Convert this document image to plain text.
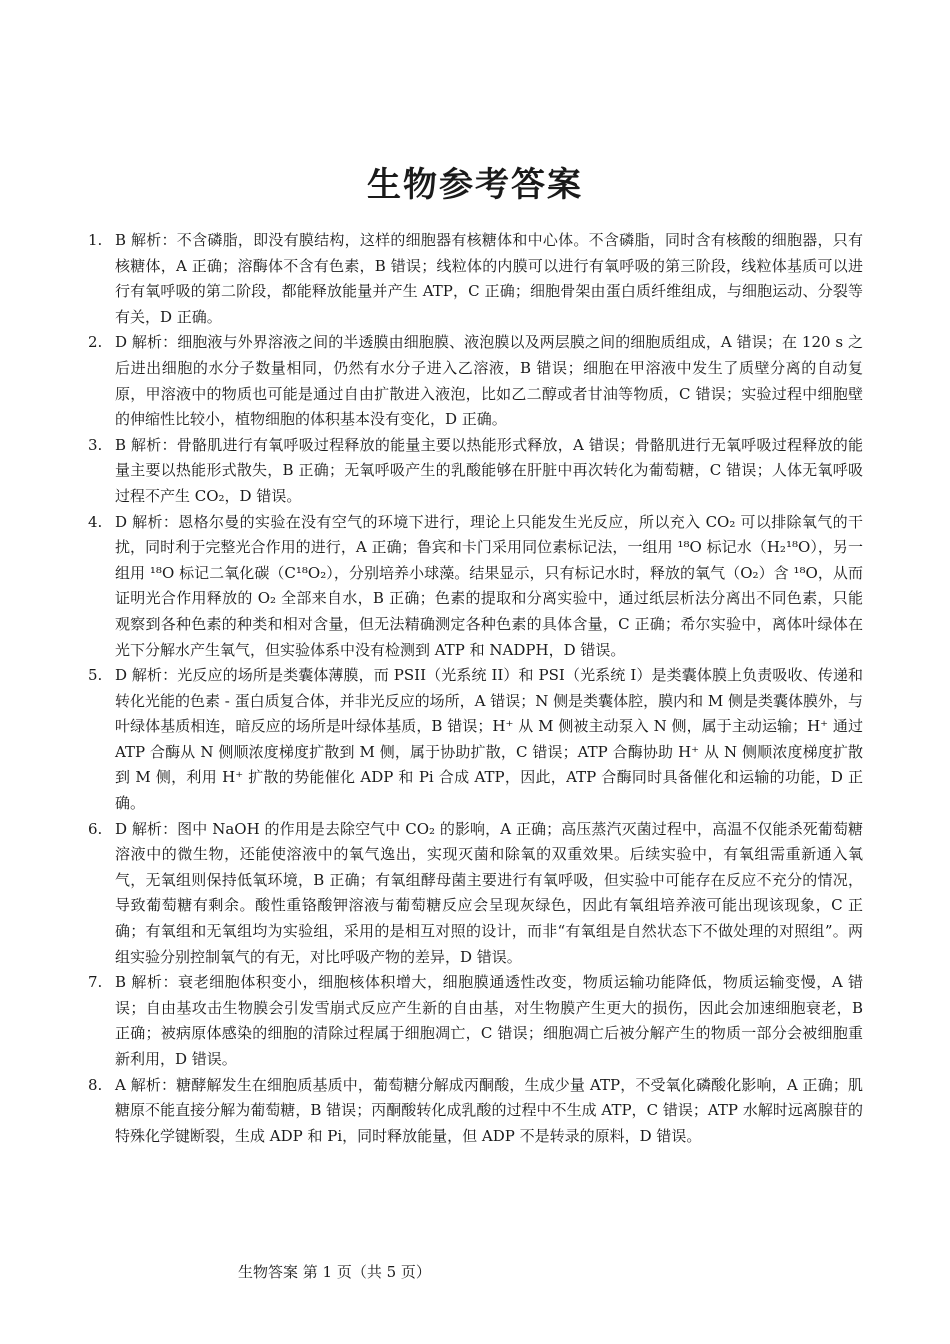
生物参考答案
1. B 解析：不含磷脂，即没有膜结构，这样的细胞器有核糖体和中心体。不含磷脂，同时含有核酸的细胞器，只有核糖体，A 正确；溶酶体不含有色素，B 错误；线粒体的内膜可以进行有氧呼吸的第三阶段，线粒体基质可以进行有氧呼吸的第二阶段，都能释放能量并产生 ATP，C 正确；细胞骨架由蛋白质纤维组成，与细胞运动、分裂等有关，D 正确。
2. D 解析：细胞液与外界溶液之间的半透膜由细胞膜、液泡膜以及两层膜之间的细胞质组成，A 错误；在 120 s 之后进出细胞的水分子数量相同，仍然有水分子进入乙溶液，B 错误；细胞在甲溶液中发生了质壁分离的自动复原，甲溶液中的物质也可能是通过自由扩散进入液泡，比如乙二醇或者甘油等物质，C 错误；实验过程中细胞壁的伸缩性比较小，植物细胞的体积基本没有变化，D 正确。
3. B 解析：骨骼肌进行有氧呼吸过程释放的能量主要以热能形式释放，A 错误；骨骼肌进行无氧呼吸过程释放的能量主要以热能形式散失，B 正确；无氧呼吸产生的乳酸能够在肝脏中再次转化为葡萄糖，C 错误；人体无氧呼吸过程不产生 CO₂，D 错误。
4. D 解析：恩格尔曼的实验在没有空气的环境下进行，理论上只能发生光反应，所以充入 CO₂ 可以排除氧气的干扰，同时利于完整光合作用的进行，A 正确；鲁宾和卡门采用同位素标记法，一组用 ¹⁸O 标记水（H₂¹⁸O），另一组用 ¹⁸O 标记二氧化碳（C¹⁸O₂），分别培养小球藻。结果显示，只有标记水时，释放的氧气（O₂）含 ¹⁸O，从而证明光合作用释放的 O₂ 全部来自水，B 正确；色素的提取和分离实验中，通过纸层析法分离出不同色素，只能观察到各种色素的种类和相对含量，但无法精确测定各种色素的具体含量，C 正确；希尔实验中，离体叶绿体在光下分解水产生氧气，但实验体系中没有检测到 ATP 和 NADPH，D 错误。
5. D 解析：光反应的场所是类囊体薄膜，而 PSII（光系统 II）和 PSI（光系统 I）是类囊体膜上负责吸收、传递和转化光能的色素 - 蛋白质复合体，并非光反应的场所，A 错误；N 侧是类囊体腔，膜内和 M 侧是类囊体膜外，与叶绿体基质相连，暗反应的场所是叶绿体基质，B 错误；H⁺ 从 M 侧被主动泵入 N 侧，属于主动运输；H⁺ 通过 ATP 合酶从 N 侧顺浓度梯度扩散到 M 侧，属于协助扩散，C 错误；ATP 合酶协助 H⁺ 从 N 侧顺浓度梯度扩散到 M 侧，利用 H⁺ 扩散的势能催化 ADP 和 Pi 合成 ATP，因此，ATP 合酶同时具备催化和运输的功能，D 正确。
6. D 解析：图中 NaOH 的作用是去除空气中 CO₂ 的影响，A 正确；高压蒸汽灭菌过程中，高温不仅能杀死葡萄糖溶液中的微生物，还能使溶液中的氧气逸出，实现灭菌和除氧的双重效果。后续实验中，有氧组需重新通入氧气，无氧组则保持低氧环境，B 正确；有氧组酵母菌主要进行有氧呼吸，但实验中可能存在反应不充分的情况，导致葡萄糖有剩余。酸性重铬酸钾溶液与葡萄糖反应会呈现灰绿色，因此有氧组培养液可能出现该现象，C 正确；有氧组和无氧组均为实验组，采用的是相互对照的设计，而非“有氧组是自然状态下不做处理的对照组”。两组实验分别控制氧气的有无，对比呼吸产物的差异，D 错误。
7. B 解析：衰老细胞体积变小，细胞核体积增大，细胞膜通透性改变，物质运输功能降低，物质运输变慢，A 错误；自由基攻击生物膜会引发雪崩式反应产生新的自由基，对生物膜产生更大的损伤，因此会加速细胞衰老，B 正确；被病原体感染的细胞的清除过程属于细胞凋亡，C 错误；细胞凋亡后被分解产生的物质一部分会被细胞重新利用，D 错误。
8. A 解析：糖酵解发生在细胞质基质中，葡萄糖分解成丙酮酸，生成少量 ATP，不受氧化磷酸化影响，A 正确；肌糖原不能直接分解为葡萄糖，B 错误；丙酮酸转化成乳酸的过程中不生成 ATP，C 错误；ATP 水解时远离腺苷的特殊化学键断裂，生成 ADP 和 Pi，同时释放能量，但 ADP 不是转录的原料，D 错误。
生物答案 第 1 页（共 5 页）
